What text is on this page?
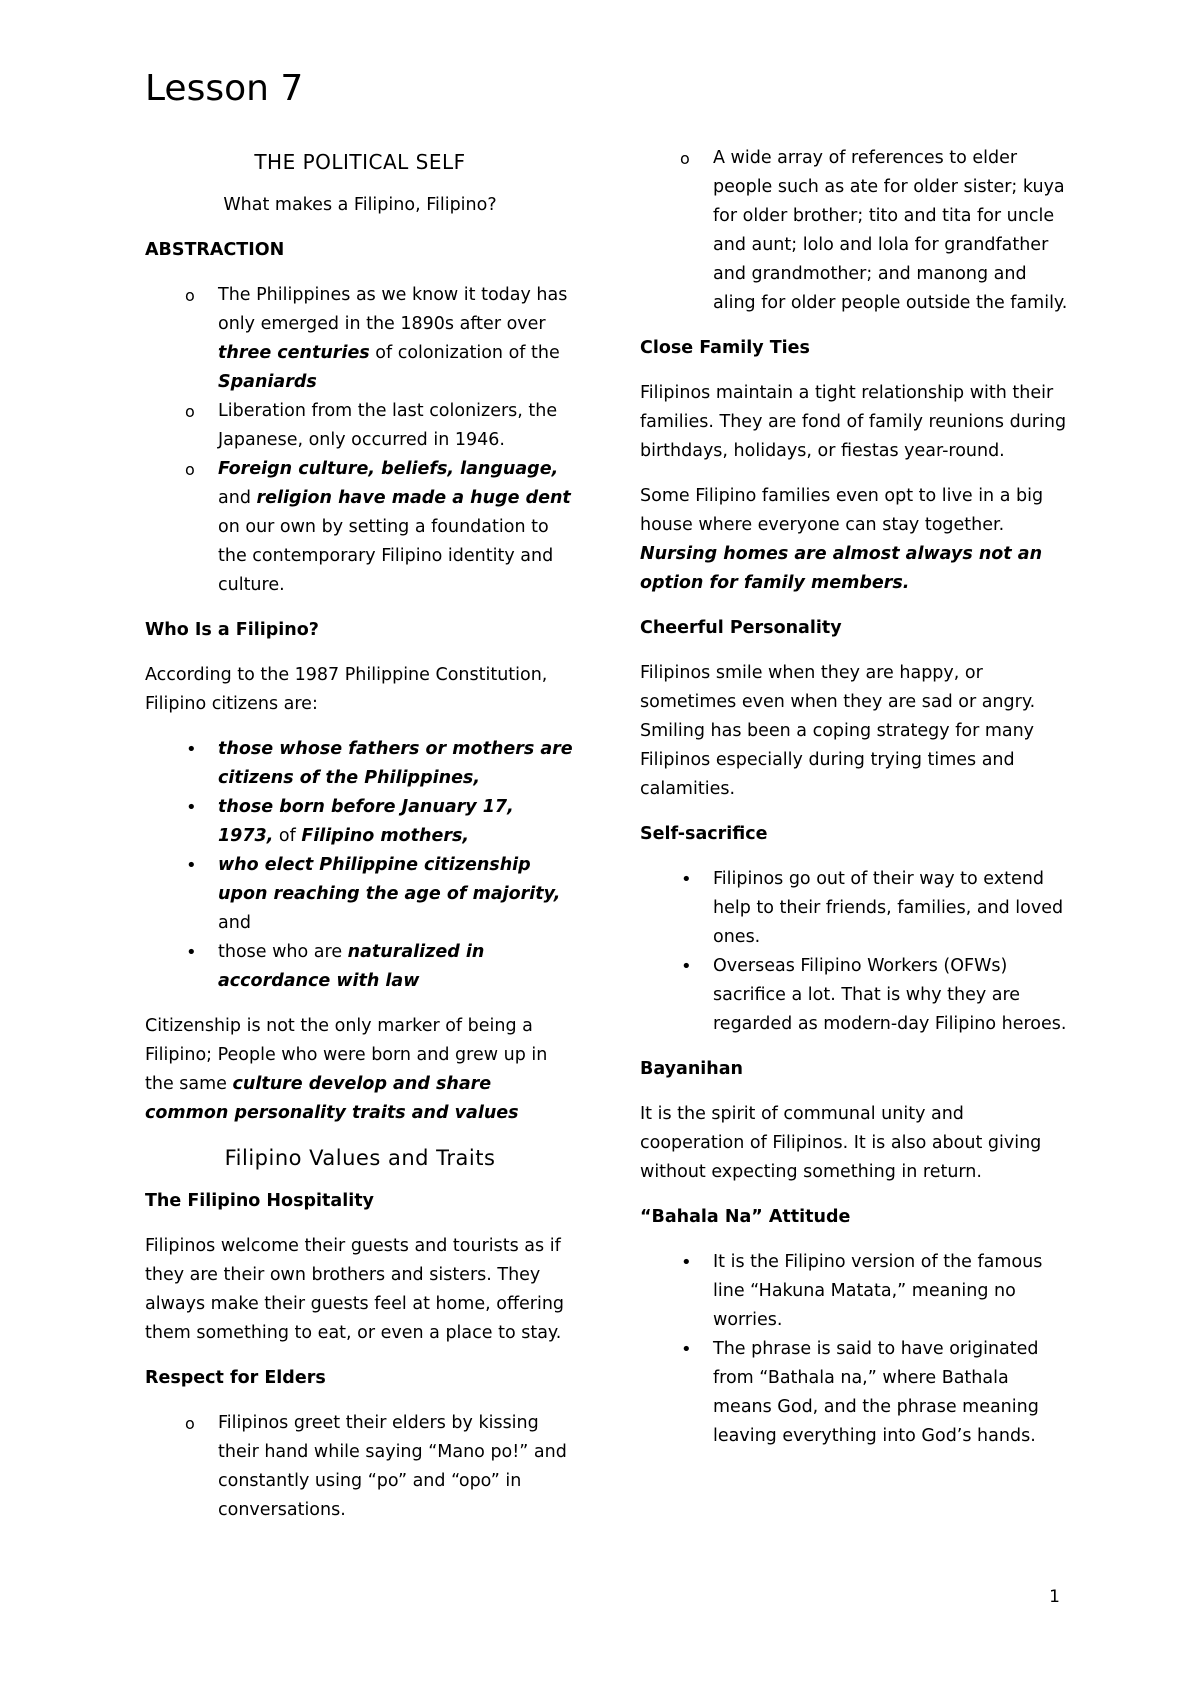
Lesson 7
THE POLITICAL SELF
What makes a Filipino, Filipino?
ABSTRACTION
o	The Philippines as we know it today has only emerged in the 1890s after over three centuries of colonization of the Spaniards
o	Liberation from the last colonizers, the Japanese, only occurred in 1946.
o	Foreign culture, beliefs, language, and religion have made a huge dent on our own by setting a foundation to the contemporary Filipino identity and culture.
Who Is a Filipino?

According to the 1987 Philippine Constitution, Filipino citizens are:

•	those whose fathers or mothers are citizens of the Philippines,
•	those born before January 17, 1973, of Filipino mothers,
•	who elect Philippine citizenship upon reaching the age of majority, and
•	those who are naturalized in accordance with law

Citizenship is not the only marker of being a Filipino; People who were born and grew up in the same culture develop and share common personality traits and values

Filipino Values and Traits
The Filipino Hospitality

Filipinos welcome their guests and tourists as if they are their own brothers and sisters. They always make their guests feel at home, offering them something to eat, or even a place to stay.

Respect for Elders
o	Filipinos greet their elders by kissing their hand while saying “Mano po!” and constantly using “po” and “opo” in conversations.
o	A wide array of references to elder people such as ate for older sister; kuya for older brother; tito and tita for uncle and aunt; lolo and lola for grandfather and grandmother; and manong and aling for older people outside the family.
Close Family Ties

Filipinos maintain a tight relationship with their families. They are fond of family reunions during birthdays, holidays, or fiestas year-round.

Some Filipino families even opt to live in a big house where everyone can stay together. Nursing homes are almost always not an option for family members.

Cheerful Personality

Filipinos smile when they are happy, or sometimes even when they are sad or angry. Smiling has been a coping strategy for many Filipinos especially during trying times and calamities.

Self-sacrifice
•	Filipinos go out of their way to extend help to their friends, families, and loved ones.
•	Overseas Filipino Workers (OFWs) sacrifice a lot. That is why they are regarded as modern-day Filipino heroes.
Bayanihan

It is the spirit of communal unity and cooperation of Filipinos. It is also about giving without expecting something in return.

“Bahala Na” Attitude
•	It is the Filipino version of the famous line “Hakuna Matata,” meaning no worries.
•	The phrase is said to have originated from “Bathala na,” where Bathala means God, and the phrase meaning leaving everything into God’s hands.
1
